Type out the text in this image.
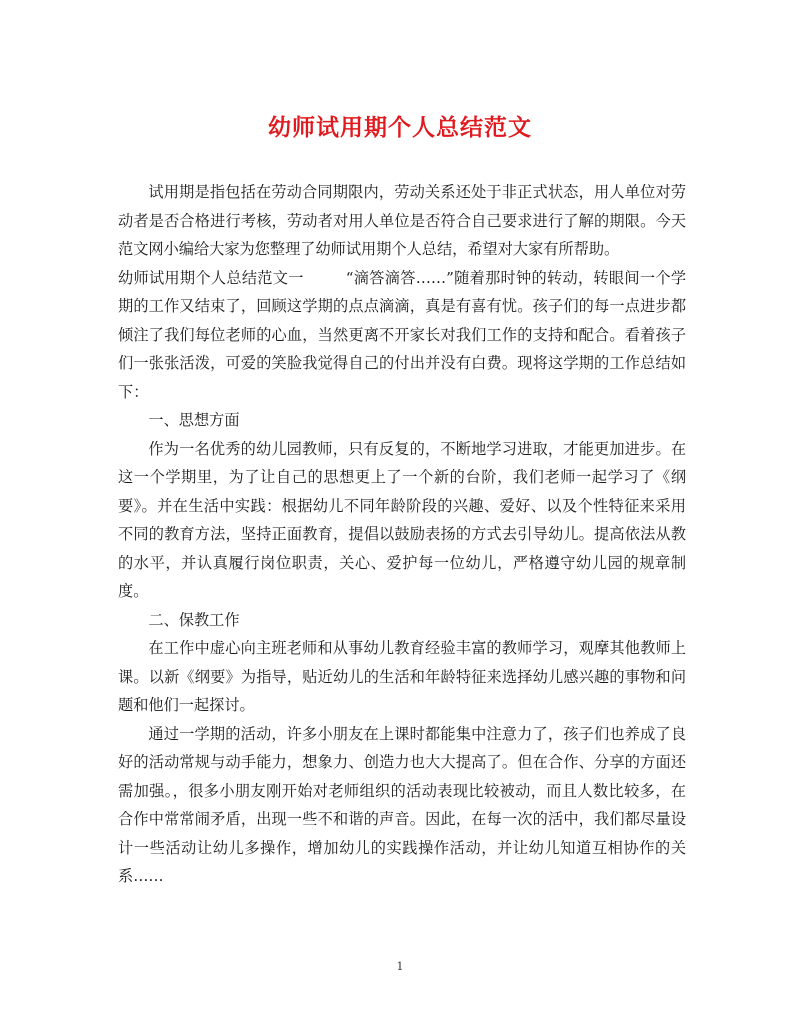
幼师试用期个人总结范文

试用期是指包括在劳动合同期限内，劳动关系还处于非正式状态，用人单位对劳动者是否合格进行考核，劳动者对用人单位是否符合自己要求进行了解的期限。今天范文网小编给大家为您整理了幼师试用期个人总结，希望对大家有所帮助。

幼师试用期个人总结范文一	“滴答滴答……”随着那时钟的转动，转眼间一个学期的工作又结束了，回顾这学期的点点滴滴，真是有喜有忧。孩子们的每一点进步都倾注了我们每位老师的心血，当然更离不开家长对我们工作的支持和配合。看着孩子们一张张活泼，可爱的笑脸我觉得自己的付出并没有白费。现将这学期的工作总结如下：

一、思想方面

作为一名优秀的幼儿园教师，只有反复的，不断地学习进取，才能更加进步。在这一个学期里，为了让自己的思想更上了一个新的台阶，我们老师一起学习了《纲要》。并在生活中实践：根据幼儿不同年龄阶段的兴趣、爱好、以及个性特征来采用不同的教育方法，坚持正面教育，提倡以鼓励表扬的方式去引导幼儿。提高依法从教的水平，并认真履行岗位职责，关心、爱护每一位幼儿，严格遵守幼儿园的规章制度。

二、保教工作

在工作中虚心向主班老师和从事幼儿教育经验丰富的教师学习，观摩其他教师上课。以新《纲要》为指导，贴近幼儿的生活和年龄特征来选择幼儿感兴趣的事物和问题和他们一起探讨。

通过一学期的活动，许多小朋友在上课时都能集中注意力了，孩子们也养成了良好的活动常规与动手能力，想象力、创造力也大大提高了。但在合作、分享的方面还需加强。，很多小朋友刚开始对老师组织的活动表现比较被动，而且人数比较多，在合作中常常闹矛盾，出现一些不和谐的声音。因此，在每一次的活中，我们都尽量设计一些活动让幼儿多操作，增加幼儿的实践操作活动，并让幼儿知道互相协作的关系……

1
